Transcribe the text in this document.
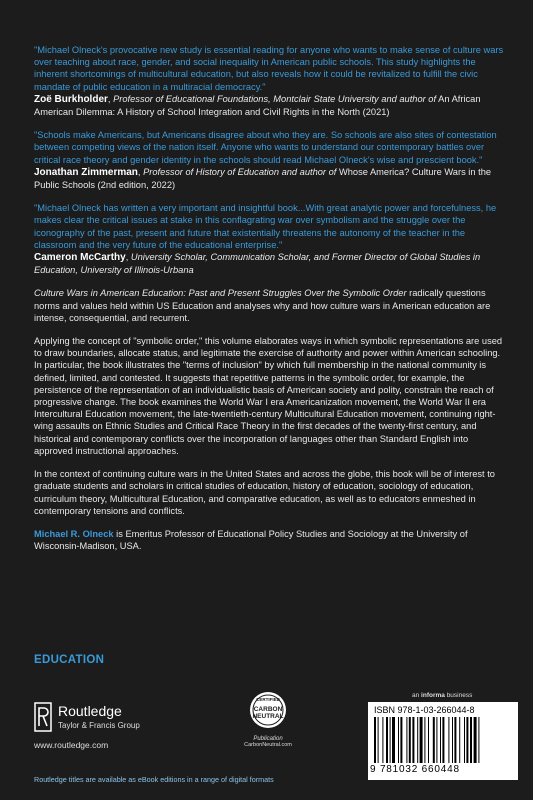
"Michael Olneck's provocative new study is essential reading for anyone who wants to make sense of culture wars over teaching about race, gender, and social inequality in American public schools. This study highlights the inherent shortcomings of multicultural education, but also reveals how it could be revitalized to fulfill the civic mandate of public education in a multiracial democracy."

Zoë Burkholder, Professor of Educational Foundations, Montclair State University and author of An African American Dilemma: A History of School Integration and Civil Rights in the North (2021)

"Schools make Americans, but Americans disagree about who they are. So schools are also sites of contestation between competing views of the nation itself. Anyone who wants to understand our contemporary battles over critical race theory and gender identity in the schools should read Michael Olneck's wise and prescient book."

Jonathan Zimmerman, Professor of History of Education and author of Whose America? Culture Wars in the Public Schools (2nd edition, 2022)

"Michael Olneck has written a very important and insightful book...With great analytic power and forcefulness, he makes clear the critical issues at stake in this conflagrating war over symbolism and the struggle over the iconography of the past, present and future that existentially threatens the autonomy of the teacher in the classroom and the very future of the educational enterprise."

Cameron McCarthy, University Scholar, Communication Scholar, and Former Director of Global Studies in Education, University of Illinois-Urbana

Culture Wars in American Education: Past and Present Struggles Over the Symbolic Order radically questions norms and values held within US Education and analyses why and how culture wars in American education are intense, consequential, and recurrent.

Applying the concept of "symbolic order," this volume elaborates ways in which symbolic representations are used to draw boundaries, allocate status, and legitimate the exercise of authority and power within American schooling. In particular, the book illustrates the "terms of inclusion" by which full membership in the national community is defined, limited, and contested. It suggests that repetitive patterns in the symbolic order, for example, the persistence of the representation of an individualistic basis of American society and polity, constrain the reach of progressive change. The book examines the World War I era Americanization movement, the World War II era Intercultural Education movement, the late-twentieth-century Multicultural Education movement, continuing right-wing assaults on Ethnic Studies and Critical Race Theory in the first decades of the twenty-first century, and historical and contemporary conflicts over the incorporation of languages other than Standard English into approved instructional approaches.

In the context of continuing culture wars in the United States and across the globe, this book will be of interest to graduate students and scholars in critical studies of education, history of education, sociology of education, curriculum theory, Multicultural Education, and comparative education, as well as to educators enmeshed in contemporary tensions and conflicts.

Michael R. Olneck is Emeritus Professor of Educational Policy Studies and Sociology at the University of Wisconsin-Madison, USA.

EDUCATION
Routledge
Taylor & Francis Group
www.routledge.com
CERTIFIED
CARBON
NEUTRAL
Publication
CarbonNeutral.com
an informa business
ISBN 978-1-03-266044-8
9 781032 660448
Routledge titles are available as eBook editions in a range of digital formats
